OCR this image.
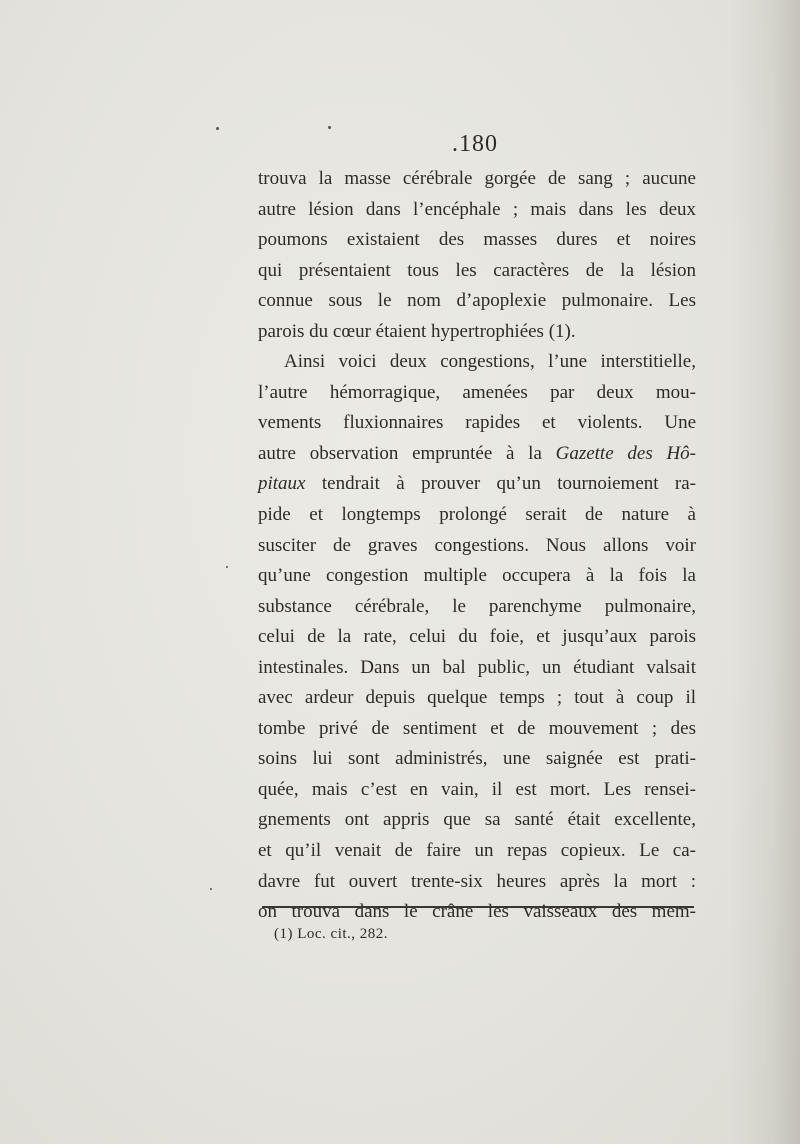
.180
trouva la masse cérébrale gorgée de sang ; aucune
autre lésion dans l’encéphale ; mais dans les deux
poumons existaient des masses dures et noires
qui présentaient tous les caractères de la lésion
connue sous le nom d’apoplexie pulmonaire. Les
parois du cœur étaient hypertrophiées (1).
Ainsi voici deux congestions, l’une interstitielle,
l’autre hémorragique, amenées par deux mou-
vements fluxionnaires rapides et violents. Une
autre observation empruntée à la Gazette des Hô-
pitaux tendrait à prouver qu’un tournoiement ra-
pide et longtemps prolongé serait de nature à
susciter de graves congestions. Nous allons voir
qu’une congestion multiple occupera à la fois la
substance cérébrale, le parenchyme pulmonaire,
celui de la rate, celui du foie, et jusqu’aux parois
intestinales. Dans un bal public, un étudiant valsait
avec ardeur depuis quelque temps ; tout à coup il
tombe privé de sentiment et de mouvement ; des
soins lui sont administrés, une saignée est prati-
quée, mais c’est en vain, il est mort. Les rensei-
gnements ont appris que sa santé était excellente,
et qu’il venait de faire un repas copieux. Le ca-
davre fut ouvert trente-six heures après la mort :
on trouva dans le crâne les vaisseaux des mem-
(1) Loc. cit., 282.
